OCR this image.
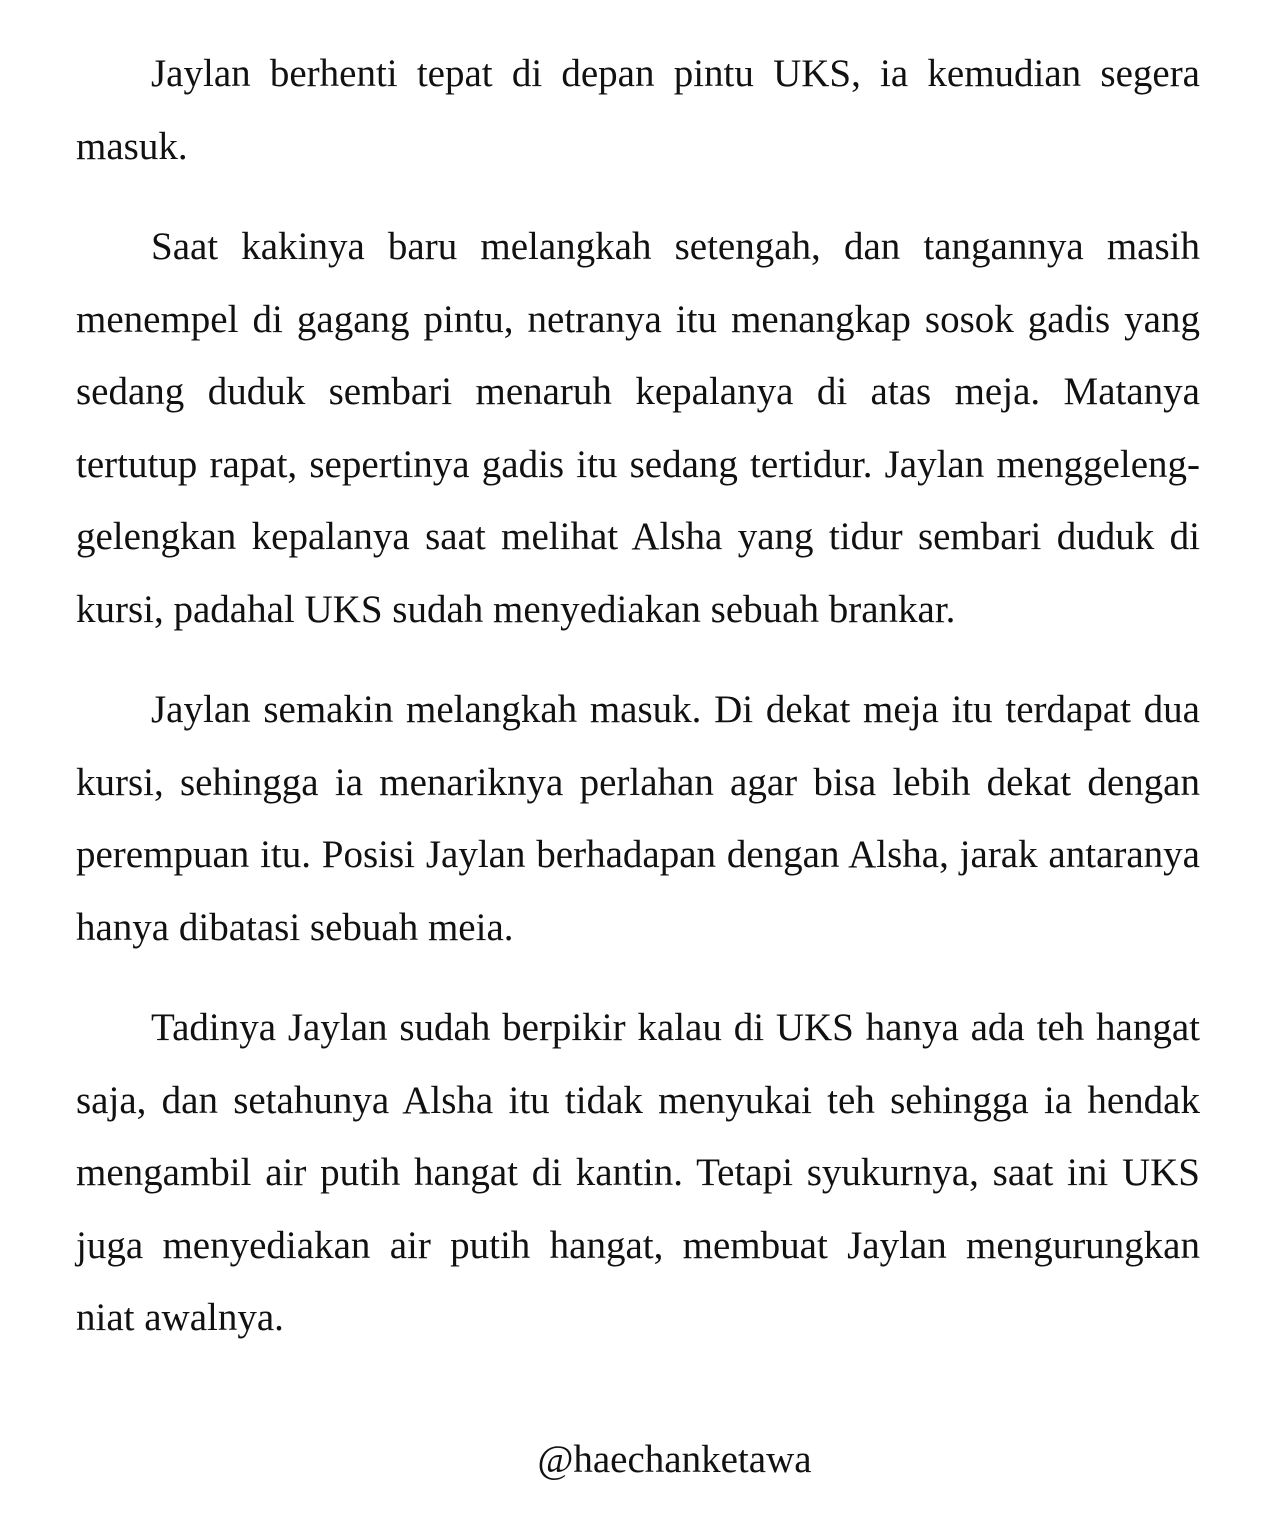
Jaylan berhenti tepat di depan pintu UKS, ia kemudian segera masuk.

Saat kakinya baru melangkah setengah, dan tangannya masih menempel di gagang pintu, netranya itu menangkap sosok gadis yang sedang duduk sembari menaruh kepalanya di atas meja. Matanya tertutup rapat, sepertinya gadis itu sedang tertidur. Jaylan menggeleng-gelengkan kepalanya saat melihat Alsha yang tidur sembari duduk di kursi, padahal UKS sudah menyediakan sebuah brankar.

Jaylan semakin melangkah masuk. Di dekat meja itu terdapat dua kursi, sehingga ia menariknya perlahan agar bisa lebih dekat dengan perempuan itu. Posisi Jaylan berhadapan dengan Alsha, jarak antaranya hanya dibatasi sebuah meia.

Tadinya Jaylan sudah berpikir kalau di UKS hanya ada teh hangat saja, dan setahunya Alsha itu tidak menyukai teh sehingga ia hendak mengambil air putih hangat di kantin. Tetapi syukurnya, saat ini UKS juga menyediakan air putih hangat, membuat Jaylan mengurungkan niat awalnya.

@haechanketawa
